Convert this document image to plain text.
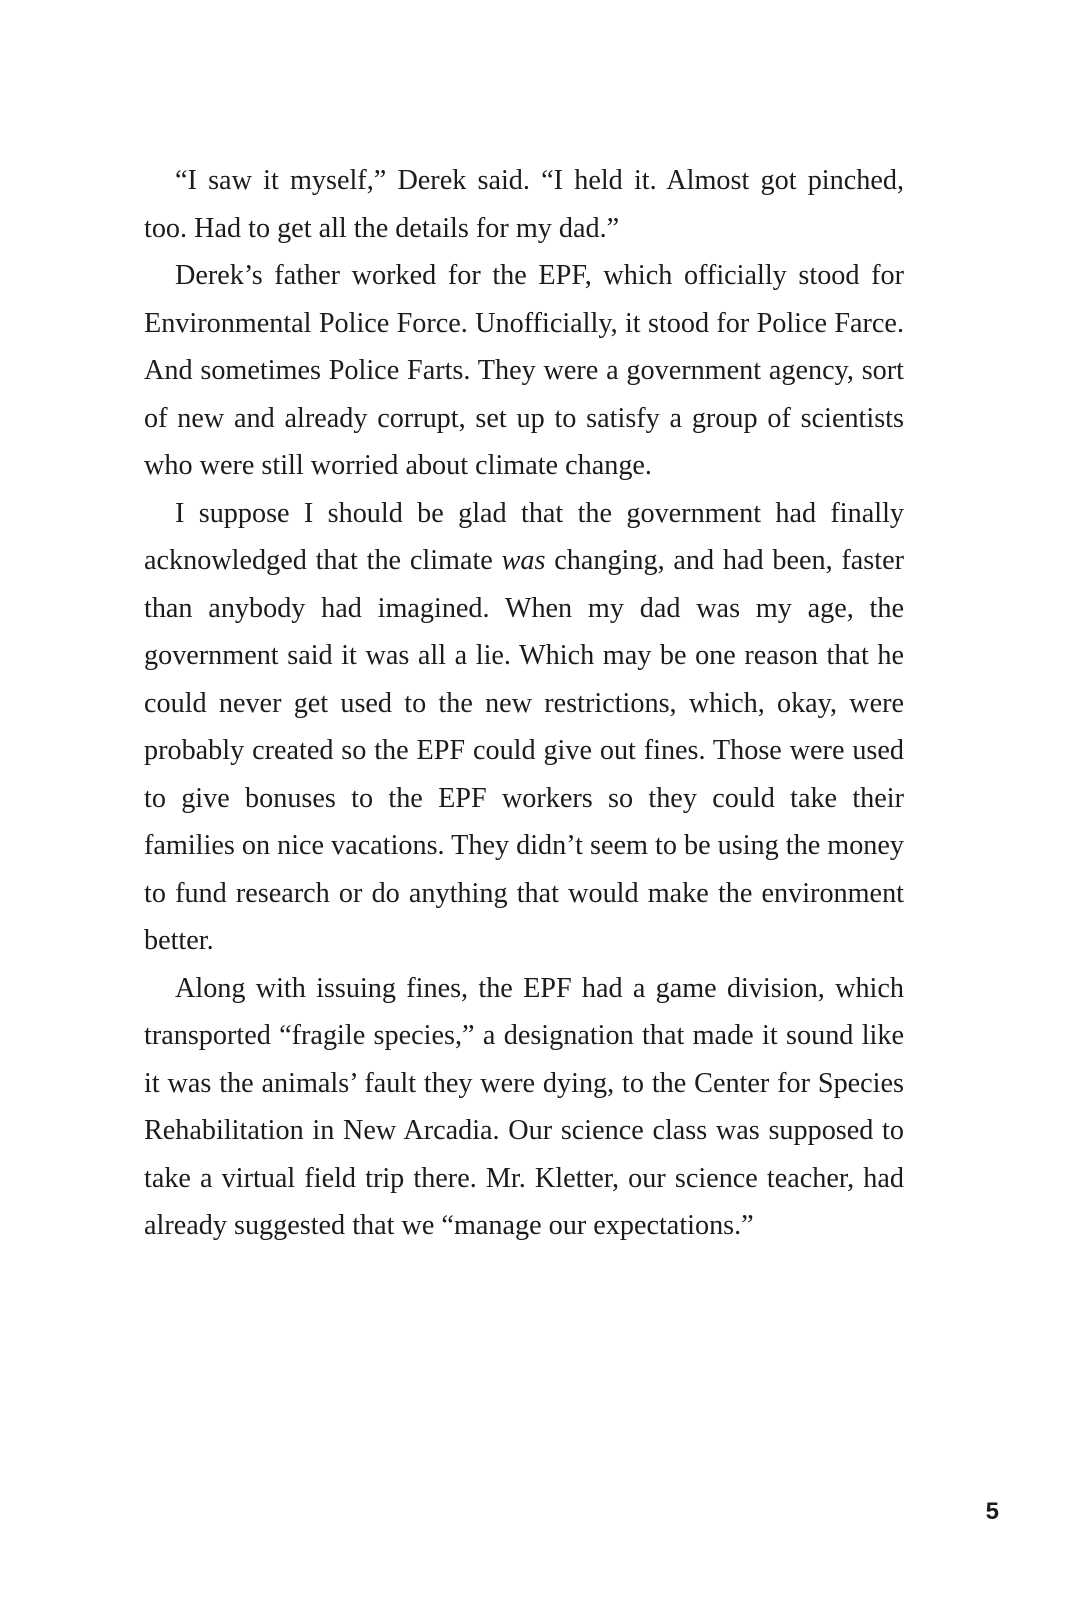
“I saw it myself,” Derek said. “I held it. Almost got pinched, too. Had to get all the details for my dad.”

Derek’s father worked for the EPF, which officially stood for Environmental Police Force. Unofficially, it stood for Police Farce. And sometimes Police Farts. They were a government agency, sort of new and already corrupt, set up to satisfy a group of scientists who were still worried about climate change.

I suppose I should be glad that the government had finally acknowledged that the climate was changing, and had been, faster than anybody had imagined. When my dad was my age, the government said it was all a lie. Which may be one reason that he could never get used to the new restrictions, which, okay, were probably created so the EPF could give out fines. Those were used to give bonuses to the EPF workers so they could take their families on nice vacations. They didn’t seem to be using the money to fund research or do anything that would make the environment better.

Along with issuing fines, the EPF had a game division, which transported “fragile species,” a designation that made it sound like it was the animals’ fault they were dying, to the Center for Species Rehabilitation in New Arcadia. Our science class was supposed to take a virtual field trip there. Mr. Kletter, our science teacher, had already suggested that we “manage our expectations.”

5
